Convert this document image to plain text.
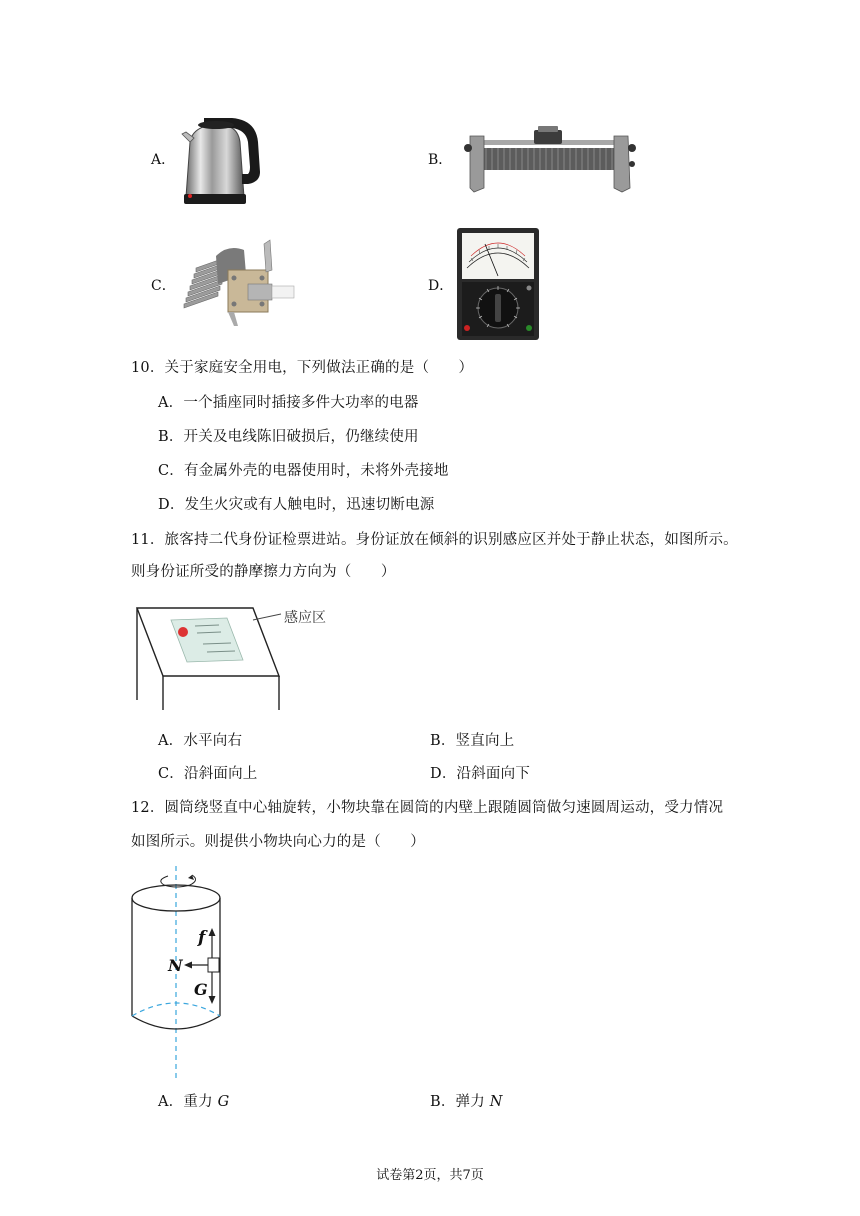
A．	B．
C．	D．
10．关于家庭安全用电，下列做法正确的是（　　）
A．一个插座同时插接多件大功率的电器
B．开关及电线陈旧破损后，仍继续使用
C．有金属外壳的电器使用时，未将外壳接地
D．发生火灾或有人触电时，迅速切断电源
11．旅客持二代身份证检票进站。身份证放在倾斜的识别感应区并处于静止状态，如图所示。
则身份证所受的静摩擦力方向为（　　）
感应区
A．水平向右	B．竖直向上
C．沿斜面向上	D．沿斜面向下
12．圆筒绕竖直中心轴旋转，小物块靠在圆筒的内壁上跟随圆筒做匀速圆周运动，受力情况
如图所示。则提供小物块向心力的是（　　）
f
N
G
A．重力 G	B．弹力 N
试卷第2页，共7页
